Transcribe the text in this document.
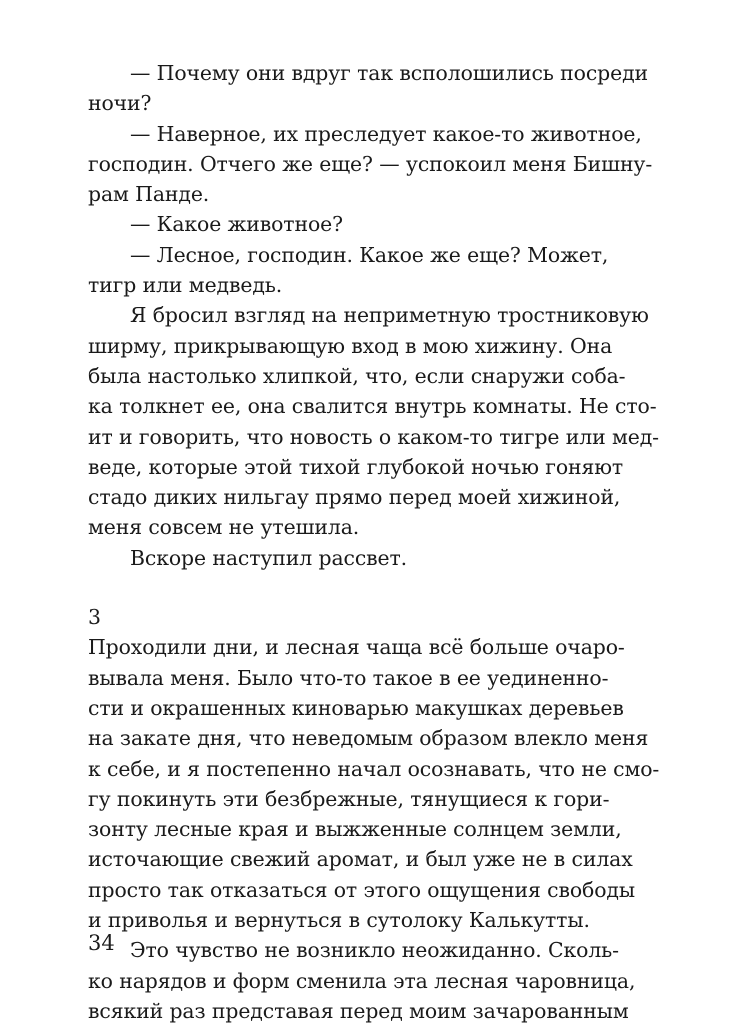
— Почему они вдруг так всполошились посреди
ночи?
— Наверное, их преследует какое-то животное,
господин. Отчего же еще? — успокоил меня Бишну-
рам Панде.
— Какое животное?
— Лесное, господин. Какое же еще? Может,
тигр или медведь.
Я бросил взгляд на неприметную тростниковую
ширму, прикрывающую вход в мою хижину. Она
была настолько хлипкой, что, если снаружи соба-
ка толкнет ее, она свалится внутрь комнаты. Не сто-
ит и говорить, что новость о каком-то тигре или мед-
веде, которые этой тихой глубокой ночью гоняют
стадо диких нильгау прямо перед моей хижиной,
меня совсем не утешила.
Вскоре наступил рассвет.
3
Проходили дни, и лесная чаща всё больше очаро-
вывала меня. Было что-то такое в ее уединенно-
сти и окрашенных киноварью макушках деревьев
на закате дня, что неведомым образом влекло меня
к себе, и я постепенно начал осознавать, что не смо-
гу покинуть эти безбрежные, тянущиеся к гори-
зонту лесные края и выжженные солнцем земли,
источающие свежий аромат, и был уже не в силах
просто так отказаться от этого ощущения свободы
и приволья и вернуться в сутолоку Калькутты.
Это чувство не возникло неожиданно. Сколь-
ко нарядов и форм сменила эта лесная чаровница,
всякий раз представая перед моим зачарованным
34
